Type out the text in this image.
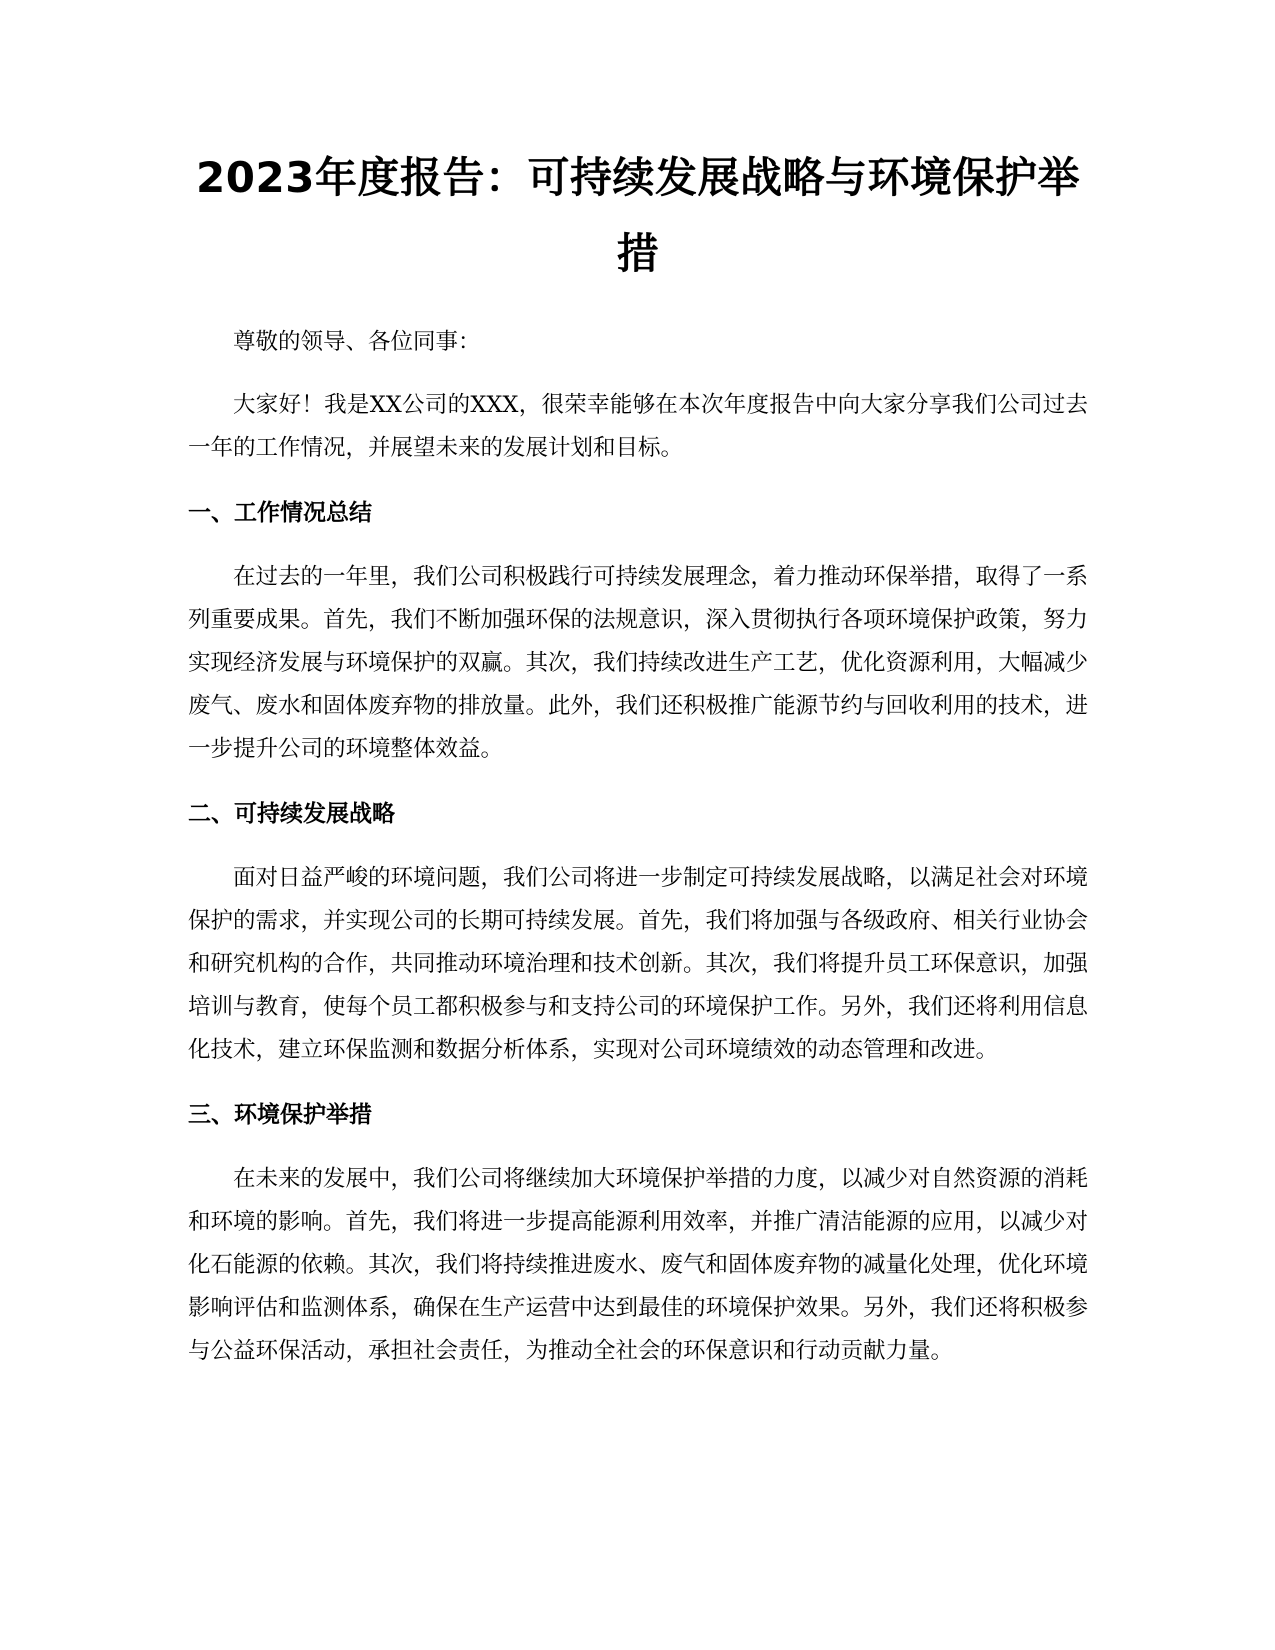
2023年度报告：可持续发展战略与环境保护举措

尊敬的领导、各位同事：

大家好！我是XX公司的XXX，很荣幸能够在本次年度报告中向大家分享我们公司过去一年的工作情况，并展望未来的发展计划和目标。

一、工作情况总结

在过去的一年里，我们公司积极践行可持续发展理念，着力推动环保举措，取得了一系列重要成果。首先，我们不断加强环保的法规意识，深入贯彻执行各项环境保护政策，努力实现经济发展与环境保护的双赢。其次，我们持续改进生产工艺，优化资源利用，大幅减少废气、废水和固体废弃物的排放量。此外，我们还积极推广能源节约与回收利用的技术，进一步提升公司的环境整体效益。

二、可持续发展战略

面对日益严峻的环境问题，我们公司将进一步制定可持续发展战略，以满足社会对环境保护的需求，并实现公司的长期可持续发展。首先，我们将加强与各级政府、相关行业协会和研究机构的合作，共同推动环境治理和技术创新。其次，我们将提升员工环保意识，加强培训与教育，使每个员工都积极参与和支持公司的环境保护工作。另外，我们还将利用信息化技术，建立环保监测和数据分析体系，实现对公司环境绩效的动态管理和改进。

三、环境保护举措

在未来的发展中，我们公司将继续加大环境保护举措的力度，以减少对自然资源的消耗和环境的影响。首先，我们将进一步提高能源利用效率，并推广清洁能源的应用，以减少对化石能源的依赖。其次，我们将持续推进废水、废气和固体废弃物的减量化处理，优化环境影响评估和监测体系，确保在生产运营中达到最佳的环境保护效果。另外，我们还将积极参与公益环保活动，承担社会责任，为推动全社会的环保意识和行动贡献力量。
